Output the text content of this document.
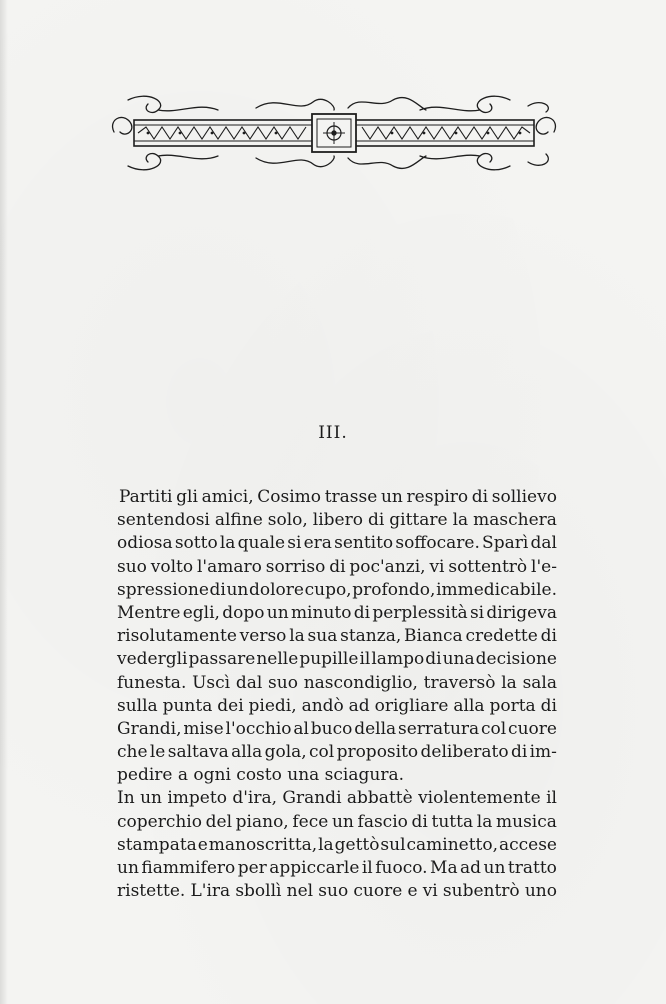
III.
Partiti gli amici, Cosimo trasse un respiro di sollievo
sentendosi alfine solo, libero di gittare la maschera
odiosa sotto la quale si era sentito soffocare. Sparì dal
suo volto l'amaro sorriso di poc'anzi, vi sottentrò l'e-
spressione di un dolore cupo, profondo, immedicabile.
Mentre egli, dopo un minuto di perplessità si dirigeva
risolutamente verso la sua stanza, Bianca credette di
vedergli passare nelle pupille il lampo di una decisione
funesta. Uscì dal suo nascondiglio, traversò la sala
sulla punta dei piedi, andò ad origliare alla porta di
Grandi, mise l'occhio al buco della serratura col cuore
che le saltava alla gola, col proposito deliberato di im-
pedire a ogni costo una sciagura.
In un impeto d'ira, Grandi abbattè violentemente il
coperchio del piano, fece un fascio di tutta la musica
stampata e manoscritta, la gettò sul caminetto, accese
un fiammifero per appiccarle il fuoco. Ma ad un tratto
ristette. L'ira sbollì nel suo cuore e vi subentrò uno
